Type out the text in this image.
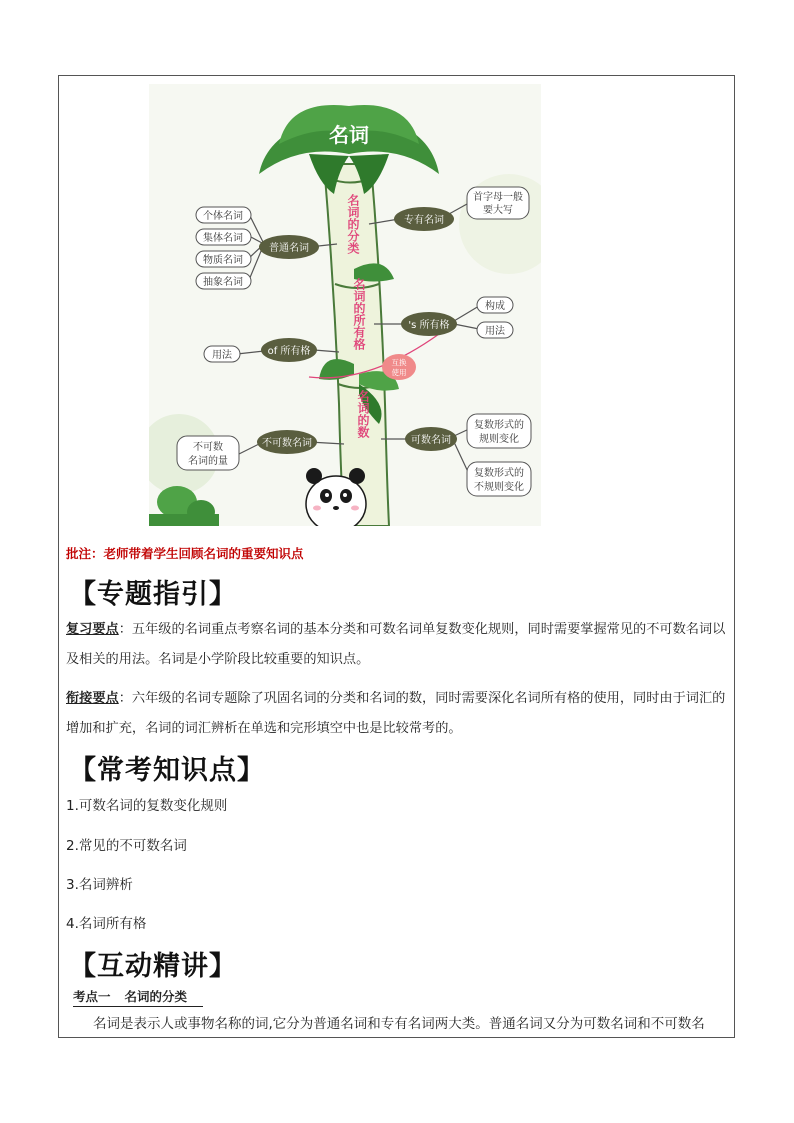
名词
名词的分类
名词的所有格
名词的数
普通名词
专有名词
个体名词
集体名词
物质名词
抽象名词
首字母一般
要大写
of 所有格
用法
's 所有格
构成
用法
互换
使用
不可数名词
不可数
名词的量
可数名词
复数形式的
规则变化
复数形式的
不规则变化
批注：老师带着学生回顾名词的重要知识点
【专题指引】
复习要点：五年级的名词重点考察名词的基本分类和可数名词单复数变化规则，同时需要掌握常见的不可数名词以及相关的用法。名词是小学阶段比较重要的知识点。
衔接要点：六年级的名词专题除了巩固名词的分类和名词的数，同时需要深化名词所有格的使用，同时由于词汇的增加和扩充，名词的词汇辨析在单选和完形填空中也是比较常考的。
【常考知识点】
1.可数名词的复数变化规则
2.常见的不可数名词
3.名词辨析
4.名词所有格
【互动精讲】
考点一 名词的分类
名词是表示人或事物名称的词,它分为普通名词和专有名词两大类。普通名词又分为可数名词和不可数名
